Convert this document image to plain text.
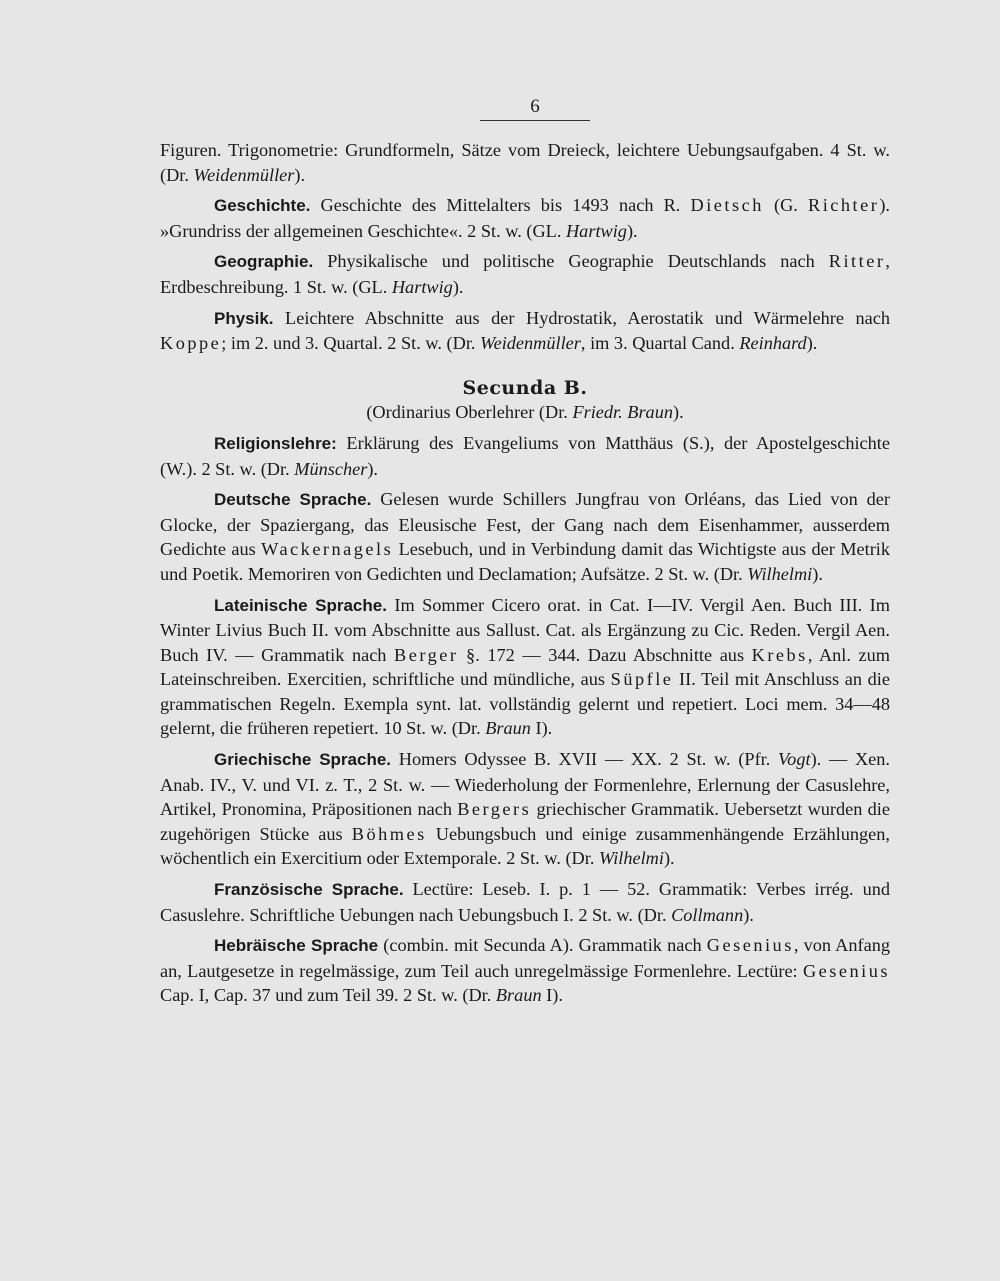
6

Figuren. Trigonometrie: Grundformeln, Sätze vom Dreieck, leichtere Uebungsaufgaben. 4 St. w. (Dr. Weidenmüller).

Geschichte. Geschichte des Mittelalters bis 1493 nach R. Dietsch (G. Richter). »Grundriss der allgemeinen Geschichte«. 2 St. w. (GL. Hartwig).

Geographie. Physikalische und politische Geographie Deutschlands nach Ritter, Erdbeschreibung. 1 St. w. (GL. Hartwig).

Physik. Leichtere Abschnitte aus der Hydrostatik, Aerostatik und Wärmelehre nach Koppe; im 2. und 3. Quartal. 2 St. w. (Dr. Weidenmüller, im 3. Quartal Cand. Reinhard).

Secunda B.
(Ordinarius Oberlehrer (Dr. Friedr. Braun).

Religionslehre: Erklärung des Evangeliums von Matthäus (S.), der Apostelgeschichte (W.). 2 St. w. (Dr. Münscher).

Deutsche Sprache. Gelesen wurde Schillers Jungfrau von Orléans, das Lied von der Glocke, der Spaziergang, das Eleusische Fest, der Gang nach dem Eisenhammer, ausserdem Gedichte aus Wackernagels Lesebuch, und in Verbindung damit das Wichtigste aus der Metrik und Poetik. Memoriren von Gedichten und Declamation; Aufsätze. 2 St. w. (Dr. Wilhelmi).

Lateinische Sprache. Im Sommer Cicero orat. in Cat. I—IV. Vergil Aen. Buch III. Im Winter Livius Buch II. vom Abschnitte aus Sallust. Cat. als Ergänzung zu Cic. Reden. Vergil Aen. Buch IV. — Grammatik nach Berger §. 172 — 344. Dazu Abschnitte aus Krebs, Anl. zum Lateinschreiben. Exercitien, schriftliche und mündliche, aus Süpfle II. Teil mit Anschluss an die grammatischen Regeln. Exempla synt. lat. vollständig gelernt und repetiert. Loci mem. 34—48 gelernt, die früheren repetiert. 10 St. w. (Dr. Braun I).

Griechische Sprache. Homers Odyssee B. XVII — XX. 2 St. w. (Pfr. Vogt). — Xen. Anab. IV., V. und VI. z. T., 2 St. w. — Wiederholung der Formenlehre, Erlernung der Casuslehre, Artikel, Pronomina, Präpositionen nach Bergers griechischer Grammatik. Uebersetzt wurden die zugehörigen Stücke aus Böhmes Uebungsbuch und einige zusammenhängende Erzählungen, wöchentlich ein Exercitium oder Extemporale. 2 St. w. (Dr. Wilhelmi).

Französische Sprache. Lectüre: Leseb. I. p. 1 — 52. Grammatik: Verbes irrég. und Casuslehre. Schriftliche Uebungen nach Uebungsbuch I. 2 St. w. (Dr. Collmann).

Hebräische Sprache (combin. mit Secunda A). Grammatik nach Gesenius, von Anfang an, Lautgesetze in regelmässige, zum Teil auch unregelmässige Formenlehre. Lectüre: Gesenius Cap. I, Cap. 37 und zum Teil 39. 2 St. w. (Dr. Braun I).
